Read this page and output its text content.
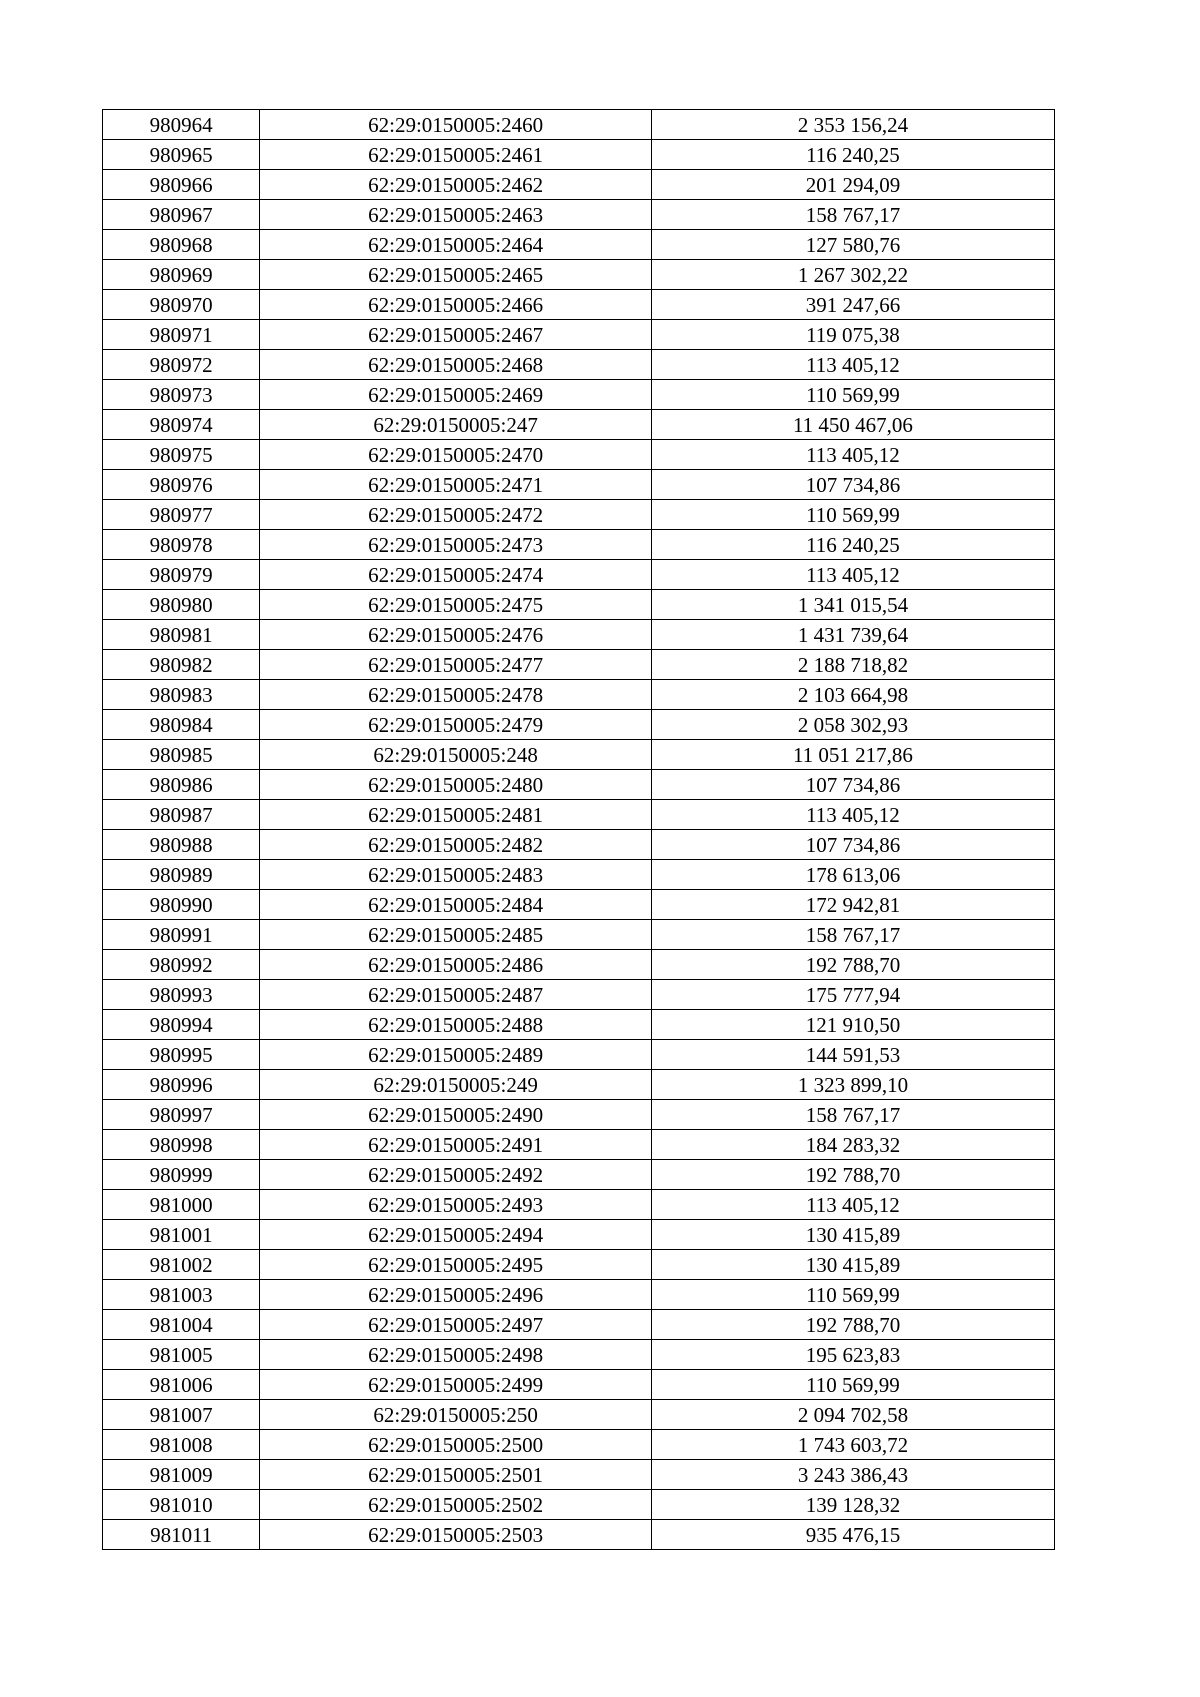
980964	62:29:0150005:2460	2 353 156,24
980965	62:29:0150005:2461	116 240,25
980966	62:29:0150005:2462	201 294,09
980967	62:29:0150005:2463	158 767,17
980968	62:29:0150005:2464	127 580,76
980969	62:29:0150005:2465	1 267 302,22
980970	62:29:0150005:2466	391 247,66
980971	62:29:0150005:2467	119 075,38
980972	62:29:0150005:2468	113 405,12
980973	62:29:0150005:2469	110 569,99
980974	62:29:0150005:247	11 450 467,06
980975	62:29:0150005:2470	113 405,12
980976	62:29:0150005:2471	107 734,86
980977	62:29:0150005:2472	110 569,99
980978	62:29:0150005:2473	116 240,25
980979	62:29:0150005:2474	113 405,12
980980	62:29:0150005:2475	1 341 015,54
980981	62:29:0150005:2476	1 431 739,64
980982	62:29:0150005:2477	2 188 718,82
980983	62:29:0150005:2478	2 103 664,98
980984	62:29:0150005:2479	2 058 302,93
980985	62:29:0150005:248	11 051 217,86
980986	62:29:0150005:2480	107 734,86
980987	62:29:0150005:2481	113 405,12
980988	62:29:0150005:2482	107 734,86
980989	62:29:0150005:2483	178 613,06
980990	62:29:0150005:2484	172 942,81
980991	62:29:0150005:2485	158 767,17
980992	62:29:0150005:2486	192 788,70
980993	62:29:0150005:2487	175 777,94
980994	62:29:0150005:2488	121 910,50
980995	62:29:0150005:2489	144 591,53
980996	62:29:0150005:249	1 323 899,10
980997	62:29:0150005:2490	158 767,17
980998	62:29:0150005:2491	184 283,32
980999	62:29:0150005:2492	192 788,70
981000	62:29:0150005:2493	113 405,12
981001	62:29:0150005:2494	130 415,89
981002	62:29:0150005:2495	130 415,89
981003	62:29:0150005:2496	110 569,99
981004	62:29:0150005:2497	192 788,70
981005	62:29:0150005:2498	195 623,83
981006	62:29:0150005:2499	110 569,99
981007	62:29:0150005:250	2 094 702,58
981008	62:29:0150005:2500	1 743 603,72
981009	62:29:0150005:2501	3 243 386,43
981010	62:29:0150005:2502	139 128,32
981011	62:29:0150005:2503	935 476,15
